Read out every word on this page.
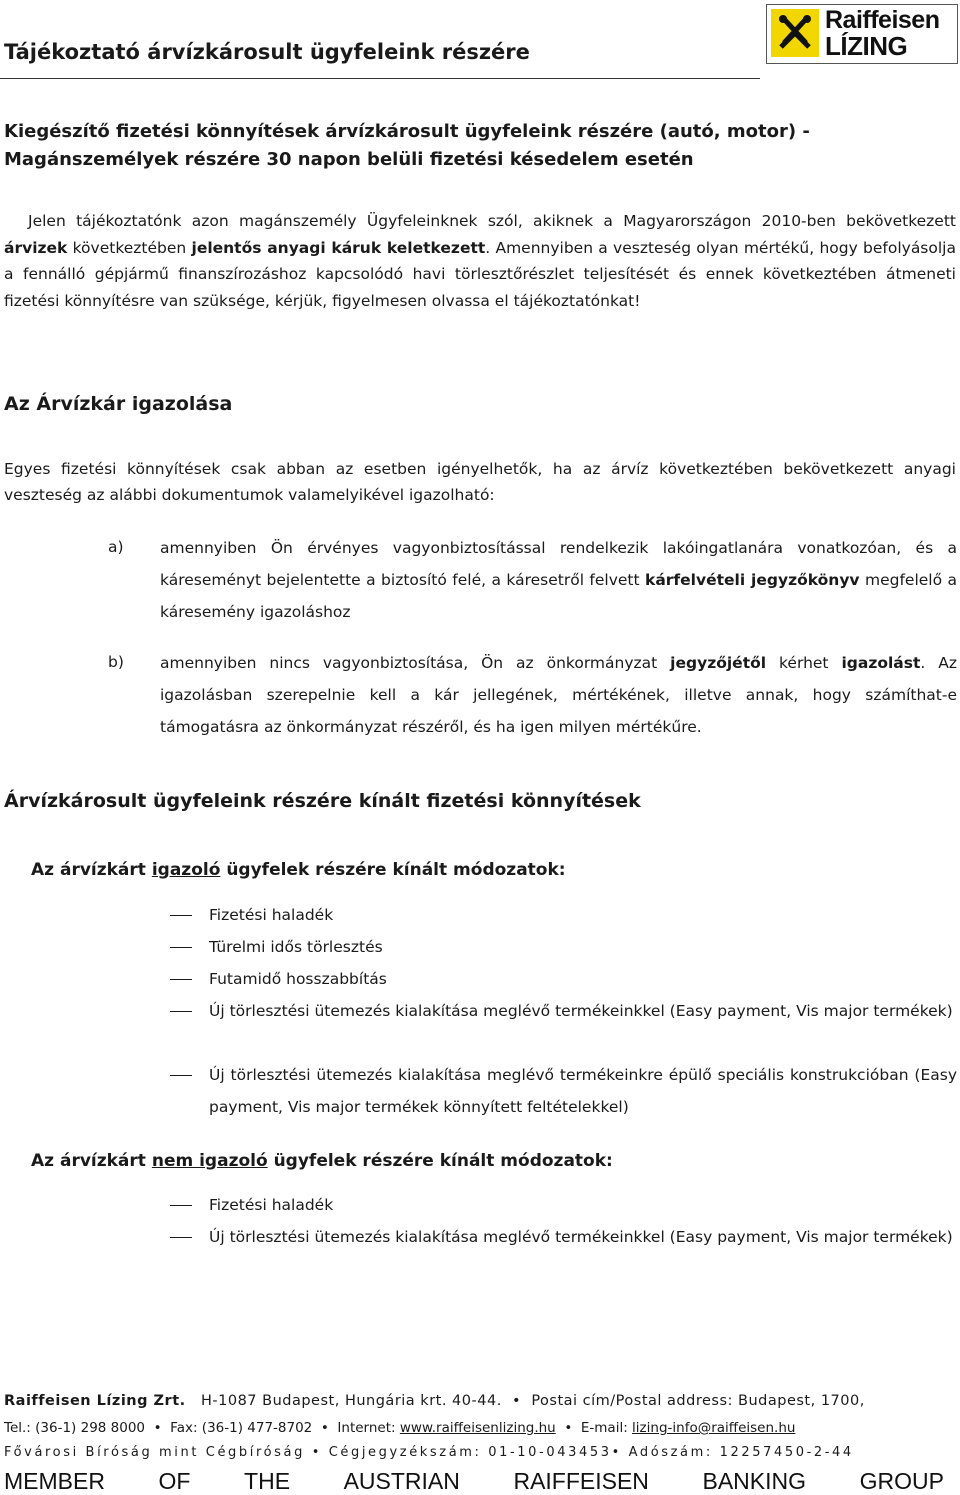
Tájékoztató árvízkárosult ügyfeleink részére
Raiffeisen
LÍZING
Kiegészítő fizetési könnyítések árvízkárosult ügyfeleink részére (autó, motor) -
Magánszemélyek részére 30 napon belüli fizetési késedelem esetén
Jelen tájékoztatónk azon magánszemély Ügyfeleinknek szól, akiknek a Magyarországon 2010-ben bekövetkezett árvizek következtében jelentős anyagi káruk keletkezett. Amennyiben a veszteség olyan mértékű, hogy befolyásolja a fennálló gépjármű finanszírozáshoz kapcsolódó havi törlesztőrészlet teljesítését és ennek következtében átmeneti fizetési könnyítésre van szüksége, kérjük, figyelmesen olvassa el tájékoztatónkat!
Az Árvízkár igazolása
Egyes fizetési könnyítések csak abban az esetben igényelhetők, ha az árvíz következtében bekövetkezett anyagi veszteség az alábbi dokumentumok valamelyikével igazolható:
a) amennyiben Ön érvényes vagyonbiztosítással rendelkezik lakóingatlanára vonatkozóan, és a káreseményt bejelentette a biztosító felé, a káresetről felvett kárfelvételi jegyzőkönyv megfelelő a káresemény igazoláshoz
b) amennyiben nincs vagyonbiztosítása, Ön az önkormányzat jegyzőjétől kérhet igazolást. Az igazolásban szerepelnie kell a kár jellegének, mértékének, illetve annak, hogy számíthat-e támogatásra az önkormányzat részéről, és ha igen milyen mértékűre.
Árvízkárosult ügyfeleink részére kínált fizetési könnyítések
Az árvízkárt igazoló ügyfelek részére kínált módozatok:
Fizetési haladék
Türelmi idős törlesztés
Futamidő hosszabbítás
Új törlesztési ütemezés kialakítása meglévő termékeinkkel (Easy payment, Vis major termékek)
Új törlesztési ütemezés kialakítása meglévő termékeinkre épülő speciális konstrukcióban (Easy payment, Vis major termékek könnyített feltételekkel)
Az árvízkárt nem igazoló ügyfelek részére kínált módozatok:
Fizetési haladék
Új törlesztési ütemezés kialakítása meglévő termékeinkkel (Easy payment, Vis major termékek)
Raiffeisen Lízing Zrt. H-1087 Budapest, Hungária krt. 40-44.  •  Postai cím/Postal address: Budapest, 1700,
Tel.: (36-1) 298 8000  •  Fax: (36-1) 477-8702  •  Internet: www.raiffeisenlizing.hu  •  E-mail: lizing-info@raiffeisen.hu
Fővárosi Bíróság mint Cégbíróság • Cégjegyzékszám: 01-10-043453• Adószám: 12257450-2-44
MEMBER OF THE AUSTRIAN RAIFFEISEN BANKING GROUP
